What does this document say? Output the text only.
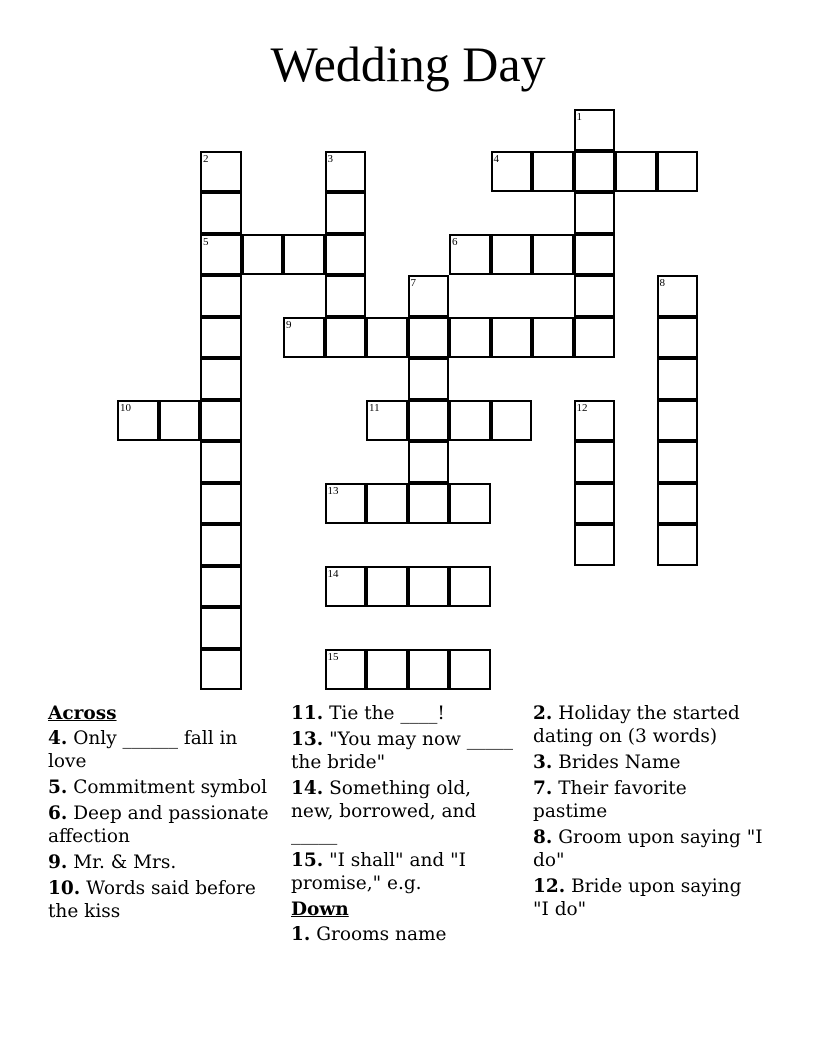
Wedding Day
1
2
5
3	4
6
7	8
9
10	11	12
13
14
15
Across
4. Only ______ fall in love
5. Commitment symbol
6. Deep and passionate affection
9. Mr. & Mrs.
10. Words said before the kiss
11. Tie the ____!
13. "You may now _____ the bride"
14. Something old, new, borrowed, and _____
15. "I shall" and "I promise," e.g.
Down
1. Grooms name
2. Holiday the started dating on (3 words)
3. Brides Name
7. Their favorite pastime
8. Groom upon saying "I do"
12. Bride upon saying "I do"
